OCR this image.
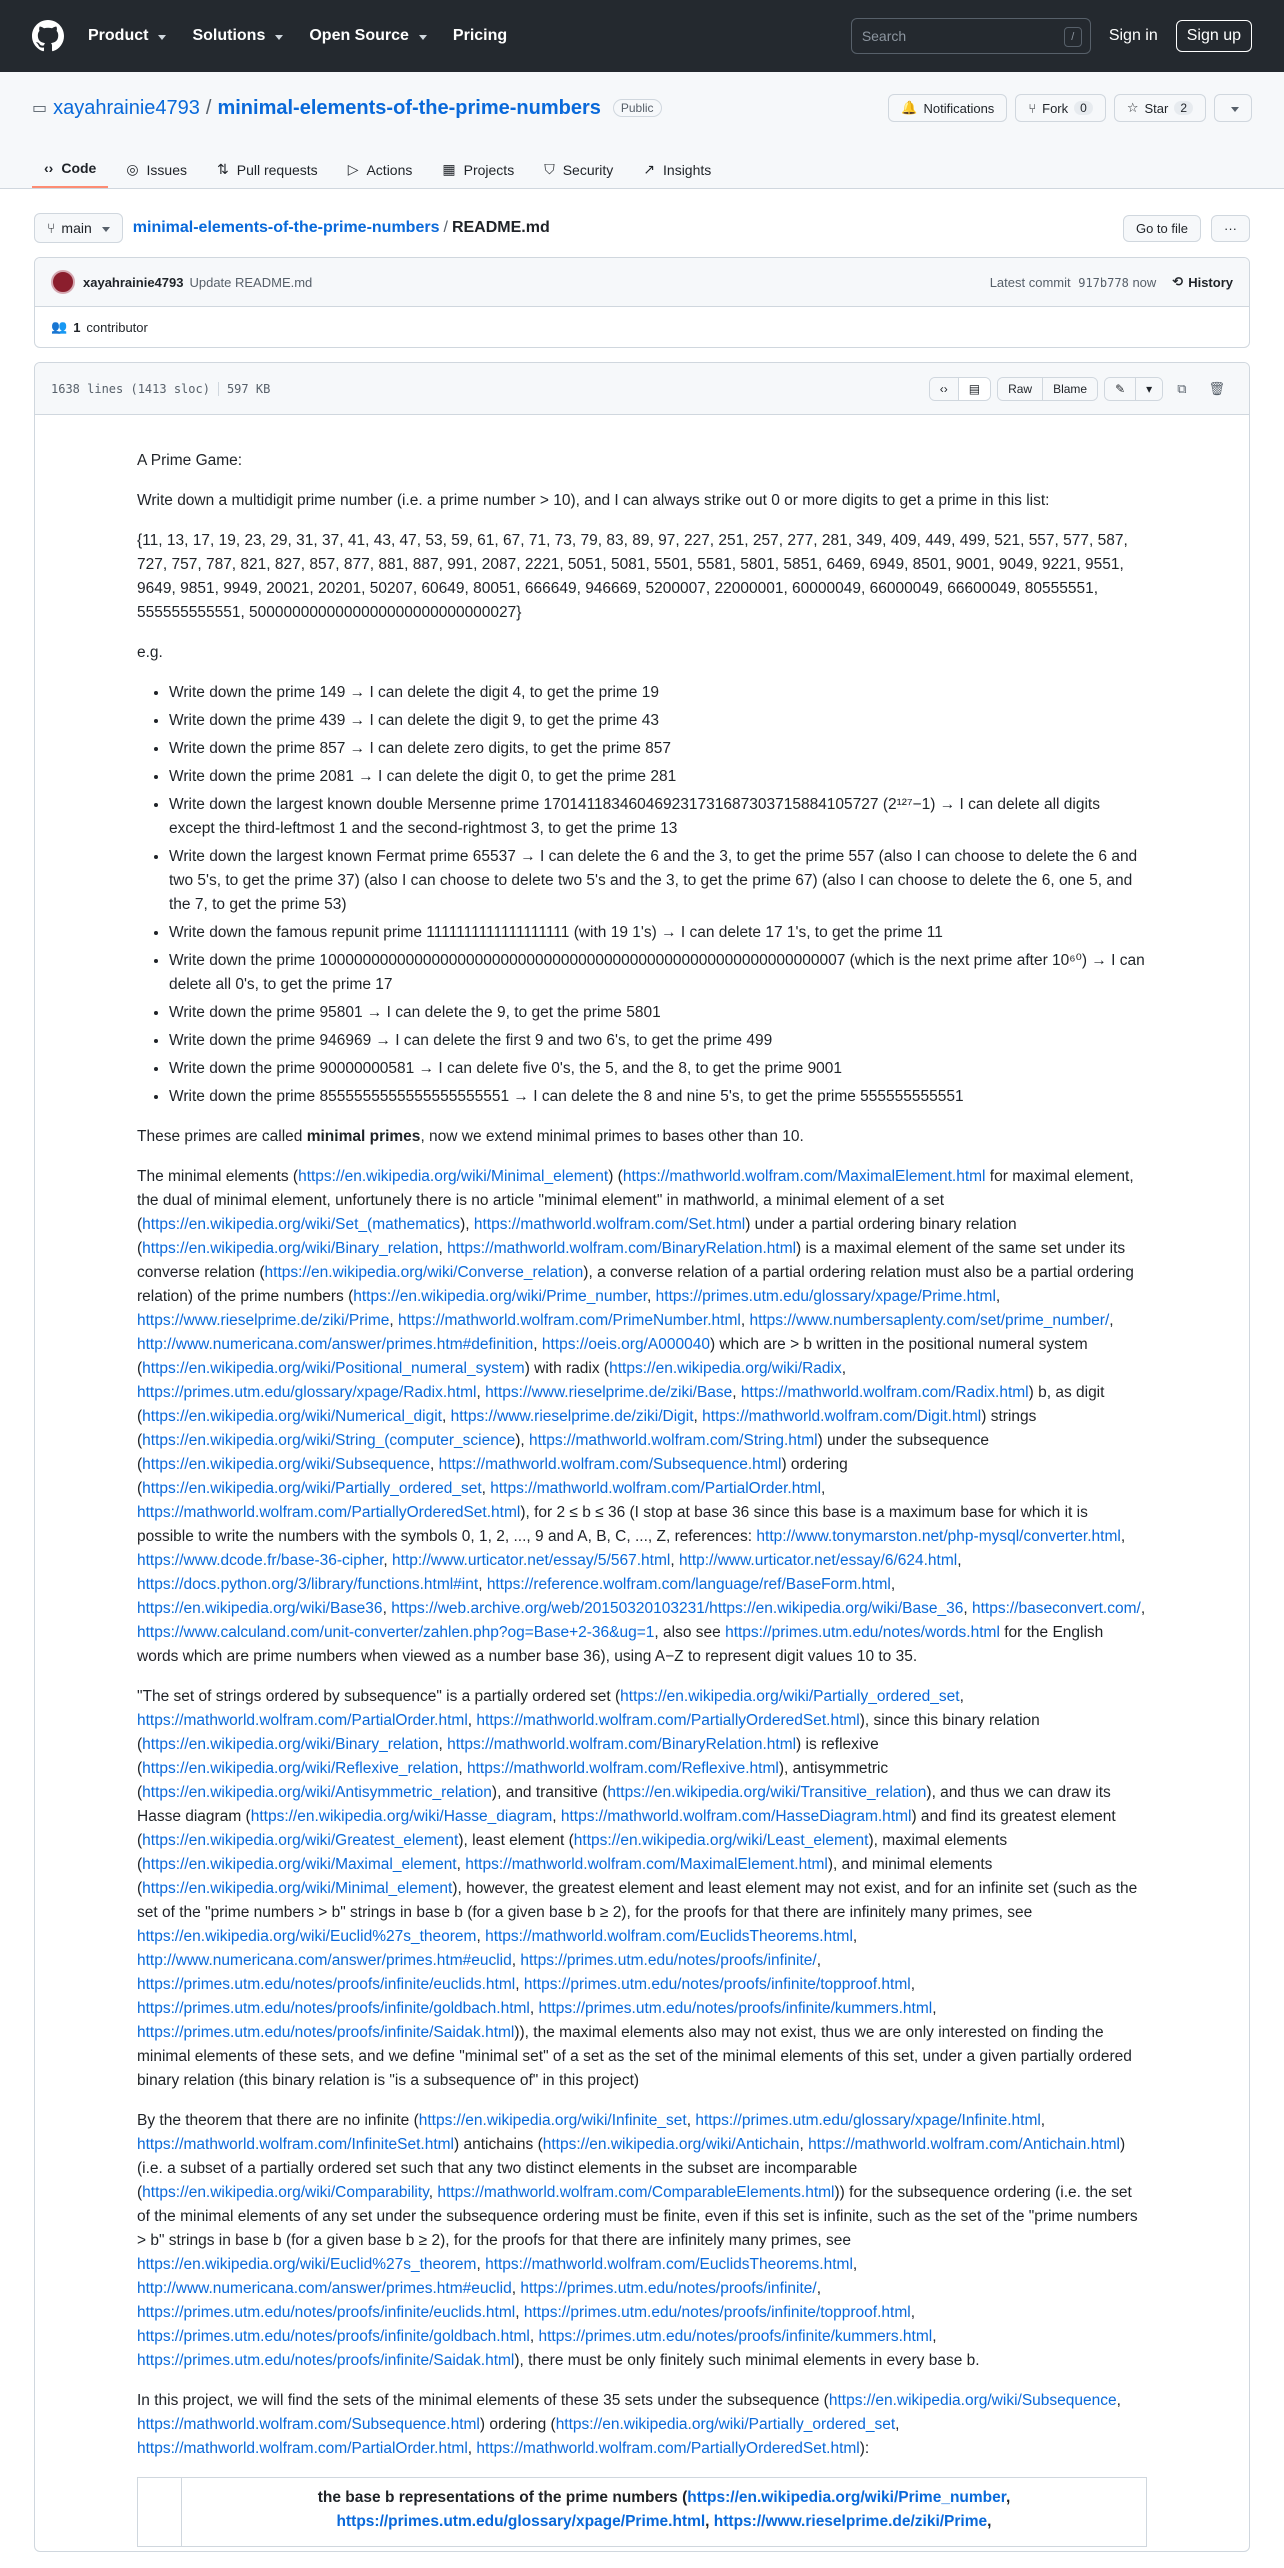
Product	Solutions	Open Source	Pricing	Search	/	Sign in	Sign up
▭ xayahrainie4793 / minimal-elements-of-the-prime-numbers	Public	🔔 Notifications	⑂ Fork	0	☆ Star	2
‹› Code ◎ Issues ⇅ Pull requests ▷ Actions ▦ Projects ⛉ Security ↗ Insights
⑂ main	minimal-elements-of-the-prime-numbers / README.md	Go to file	···
xayahrainie4793 Update README.md	Latest commit 917b778 now ⟲ History
👥 1 contributor
1638 lines (1413 sloc) 597 KB	‹›	▤	Raw	Blame	✎	▾	⧉	🗑

A Prime Game:

Write down a multidigit prime number (i.e. a prime number > 10), and I can always strike out 0 or more digits to get a prime in this list:

{11, 13, 17, 19, 23, 29, 31, 37, 41, 43, 47, 53, 59, 61, 67, 71, 73, 79, 83, 89, 97, 227, 251, 257, 277, 281, 349, 409, 449, 499, 521, 557, 577, 587, 727, 757, 787, 821, 827, 857, 877, 881, 887, 991, 2087, 2221, 5051, 5081, 5501, 5581, 5801, 5851, 6469, 6949, 8501, 9001, 9049, 9221, 9551, 9649, 9851, 9949, 20021, 20201, 50207, 60649, 80051, 666649, 946669, 5200007, 22000001, 60000049, 66000049, 66600049, 80555551, 555555555551, 5000000000000000000000000000027}

e.g.

• Write down the prime 149 → I can delete the digit 4, to get the prime 19
• Write down the prime 439 → I can delete the digit 9, to get the prime 43
• Write down the prime 857 → I can delete zero digits, to get the prime 857
• Write down the prime 2081 → I can delete the digit 0, to get the prime 281
• Write down the largest known double Mersenne prime 170141183460469231731687303715884105727 (2¹²⁷−1) → I can delete all digits except the third-leftmost 1 and the second-rightmost 3, to get the prime 13
• Write down the largest known Fermat prime 65537 → I can delete the 6 and the 3, to get the prime 557 (also I can choose to delete the 6 and two 5's, to get the prime 37) (also I can choose to delete two 5's and the 3, to get the prime 67) (also I can choose to delete the 6, one 5, and the 7, to get the prime 53)
• Write down the famous repunit prime 1111111111111111111 (with 19 1's) → I can delete 17 1's, to get the prime 11
• Write down the prime 1000000000000000000000000000000000000000000000000000000000007 (which is the next prime after 10⁶⁰) → I can delete all 0's, to get the prime 17
• Write down the prime 95801 → I can delete the 9, to get the prime 5801
• Write down the prime 946969 → I can delete the first 9 and two 6's, to get the prime 499
• Write down the prime 90000000581 → I can delete five 0's, the 5, and the 8, to get the prime 9001
• Write down the prime 8555555555555555555551 → I can delete the 8 and nine 5's, to get the prime 555555555551

These primes are called minimal primes, now we extend minimal primes to bases other than 10.

The minimal elements (https://en.wikipedia.org/wiki/Minimal_element) (https://mathworld.wolfram.com/MaximalElement.html for maximal element, the dual of minimal element, unfortunely there is no article "minimal element" in mathworld, a minimal element of a set (https://en.wikipedia.org/wiki/Set_(mathematics), https://mathworld.wolfram.com/Set.html) under a partial ordering binary relation (https://en.wikipedia.org/wiki/Binary_relation, https://mathworld.wolfram.com/BinaryRelation.html) is a maximal element of the same set under its converse relation (https://en.wikipedia.org/wiki/Converse_relation), a converse relation of a partial ordering relation must also be a partial ordering relation) of the prime numbers (https://en.wikipedia.org/wiki/Prime_number, https://primes.utm.edu/glossary/xpage/Prime.html, https://www.rieselprime.de/ziki/Prime, https://mathworld.wolfram.com/PrimeNumber.html, https://www.numbersaplenty.com/set/prime_number/, http://www.numericana.com/answer/primes.htm#definition, https://oeis.org/A000040) which are > b written in the positional numeral system (https://en.wikipedia.org/wiki/Positional_numeral_system) with radix (https://en.wikipedia.org/wiki/Radix, https://primes.utm.edu/glossary/xpage/Radix.html, https://www.rieselprime.de/ziki/Base, https://mathworld.wolfram.com/Radix.html) b, as digit (https://en.wikipedia.org/wiki/Numerical_digit, https://www.rieselprime.de/ziki/Digit, https://mathworld.wolfram.com/Digit.html) strings (https://en.wikipedia.org/wiki/String_(computer_science), https://mathworld.wolfram.com/String.html) under the subsequence (https://en.wikipedia.org/wiki/Subsequence, https://mathworld.wolfram.com/Subsequence.html) ordering (https://en.wikipedia.org/wiki/Partially_ordered_set, https://mathworld.wolfram.com/PartialOrder.html, https://mathworld.wolfram.com/PartiallyOrderedSet.html), for 2 ≤ b ≤ 36 (I stop at base 36 since this base is a maximum base for which it is possible to write the numbers with the symbols 0, 1, 2, ..., 9 and A, B, C, ..., Z, references: http://www.tonymarston.net/php-mysql/converter.html, https://www.dcode.fr/base-36-cipher, http://www.urticator.net/essay/5/567.html, http://www.urticator.net/essay/6/624.html, https://docs.python.org/3/library/functions.html#int, https://reference.wolfram.com/language/ref/BaseForm.html, https://en.wikipedia.org/wiki/Base36, https://web.archive.org/web/20150320103231/https://en.wikipedia.org/wiki/Base_36, https://baseconvert.com/, https://www.calculand.com/unit-converter/zahlen.php?og=Base+2-36&ug=1, also see https://primes.utm.edu/notes/words.html for the English words which are prime numbers when viewed as a number base 36), using A−Z to represent digit values 10 to 35.

"The set of strings ordered by subsequence" is a partially ordered set (https://en.wikipedia.org/wiki/Partially_ordered_set, https://mathworld.wolfram.com/PartialOrder.html, https://mathworld.wolfram.com/PartiallyOrderedSet.html), since this binary relation (https://en.wikipedia.org/wiki/Binary_relation, https://mathworld.wolfram.com/BinaryRelation.html) is reflexive (https://en.wikipedia.org/wiki/Reflexive_relation, https://mathworld.wolfram.com/Reflexive.html), antisymmetric (https://en.wikipedia.org/wiki/Antisymmetric_relation), and transitive (https://en.wikipedia.org/wiki/Transitive_relation), and thus we can draw its Hasse diagram (https://en.wikipedia.org/wiki/Hasse_diagram, https://mathworld.wolfram.com/HasseDiagram.html) and find its greatest element (https://en.wikipedia.org/wiki/Greatest_element), least element (https://en.wikipedia.org/wiki/Least_element), maximal elements (https://en.wikipedia.org/wiki/Maximal_element, https://mathworld.wolfram.com/MaximalElement.html), and minimal elements (https://en.wikipedia.org/wiki/Minimal_element), however, the greatest element and least element may not exist, and for an infinite set (such as the set of the "prime numbers > b" strings in base b (for a given base b ≥ 2), for the proofs for that there are infinitely many primes, see https://en.wikipedia.org/wiki/Euclid%27s_theorem, https://mathworld.wolfram.com/EuclidsTheorems.html, http://www.numericana.com/answer/primes.htm#euclid, https://primes.utm.edu/notes/proofs/infinite/, https://primes.utm.edu/notes/proofs/infinite/euclids.html, https://primes.utm.edu/notes/proofs/infinite/topproof.html, https://primes.utm.edu/notes/proofs/infinite/goldbach.html, https://primes.utm.edu/notes/proofs/infinite/kummers.html, https://primes.utm.edu/notes/proofs/infinite/Saidak.html)), the maximal elements also may not exist, thus we are only interested on finding the minimal elements of these sets, and we define "minimal set" of a set as the set of the minimal elements of this set, under a given partially ordered binary relation (this binary relation is "is a subsequence of" in this project)

By the theorem that there are no infinite (https://en.wikipedia.org/wiki/Infinite_set, https://primes.utm.edu/glossary/xpage/Infinite.html, https://mathworld.wolfram.com/InfiniteSet.html) antichains (https://en.wikipedia.org/wiki/Antichain, https://mathworld.wolfram.com/Antichain.html) (i.e. a subset of a partially ordered set such that any two distinct elements in the subset are incomparable (https://en.wikipedia.org/wiki/Comparability, https://mathworld.wolfram.com/ComparableElements.html)) for the subsequence ordering (i.e. the set of the minimal elements of any set under the subsequence ordering must be finite, even if this set is infinite, such as the set of the "prime numbers > b" strings in base b (for a given base b ≥ 2), for the proofs for that there are infinitely many primes, see https://en.wikipedia.org/wiki/Euclid%27s_theorem, https://mathworld.wolfram.com/EuclidsTheorems.html, http://www.numericana.com/answer/primes.htm#euclid, https://primes.utm.edu/notes/proofs/infinite/, https://primes.utm.edu/notes/proofs/infinite/euclids.html, https://primes.utm.edu/notes/proofs/infinite/topproof.html, https://primes.utm.edu/notes/proofs/infinite/goldbach.html, https://primes.utm.edu/notes/proofs/infinite/kummers.html, https://primes.utm.edu/notes/proofs/infinite/Saidak.html), there must be only finitely such minimal elements in every base b.

In this project, we will find the sets of the minimal elements of these 35 sets under the subsequence (https://en.wikipedia.org/wiki/Subsequence, https://mathworld.wolfram.com/Subsequence.html) ordering (https://en.wikipedia.org/wiki/Partially_ordered_set, https://mathworld.wolfram.com/PartialOrder.html, https://mathworld.wolfram.com/PartiallyOrderedSet.html):

the base b representations of the prime numbers (https://en.wikipedia.org/wiki/Prime_number, https://primes.utm.edu/glossary/xpage/Prime.html, https://www.rieselprime.de/ziki/Prime,
